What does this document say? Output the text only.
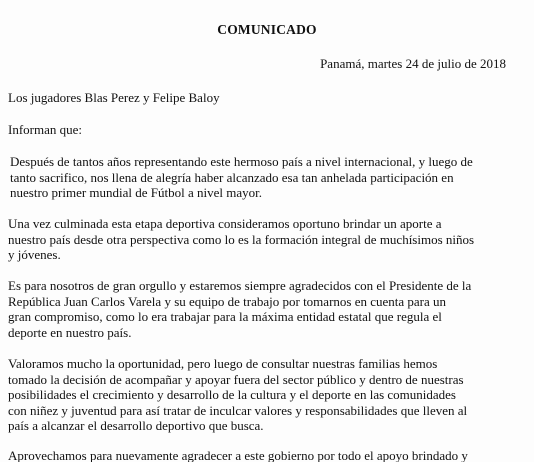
COMUNICADO
Panamá, martes 24 de julio de 2018
Los jugadores Blas Perez y Felipe Baloy
Informan que:
Después de tantos años representando este hermoso país a nivel internacional, y luego de
tanto sacrifico, nos llena de alegría haber alcanzado esa tan anhelada participación en
nuestro primer mundial de Fútbol a nivel mayor.
Una vez culminada esta etapa deportiva consideramos oportuno brindar un aporte a
nuestro país desde otra perspectiva como lo es la formación integral de muchísimos niños
y jóvenes.
Es para nosotros de gran orgullo y estaremos siempre agradecidos con el Presidente de la
República Juan Carlos Varela y su equipo de trabajo por tomarnos en cuenta para un
gran compromiso, como lo era trabajar para la máxima entidad estatal que regula el
deporte en nuestro país.
Valoramos mucho la oportunidad, pero luego de consultar nuestras familias hemos
tomado la decisión de acompañar y apoyar fuera del sector público y dentro de nuestras
posibilidades el crecimiento y desarrollo de la cultura y el deporte en las comunidades
con niñez y juventud para así tratar de inculcar valores y responsabilidades que lleven al
país a alcanzar el desarrollo deportivo que busca.
Aprovechamos para nuevamente agradecer a este gobierno por todo el apoyo brindado y
